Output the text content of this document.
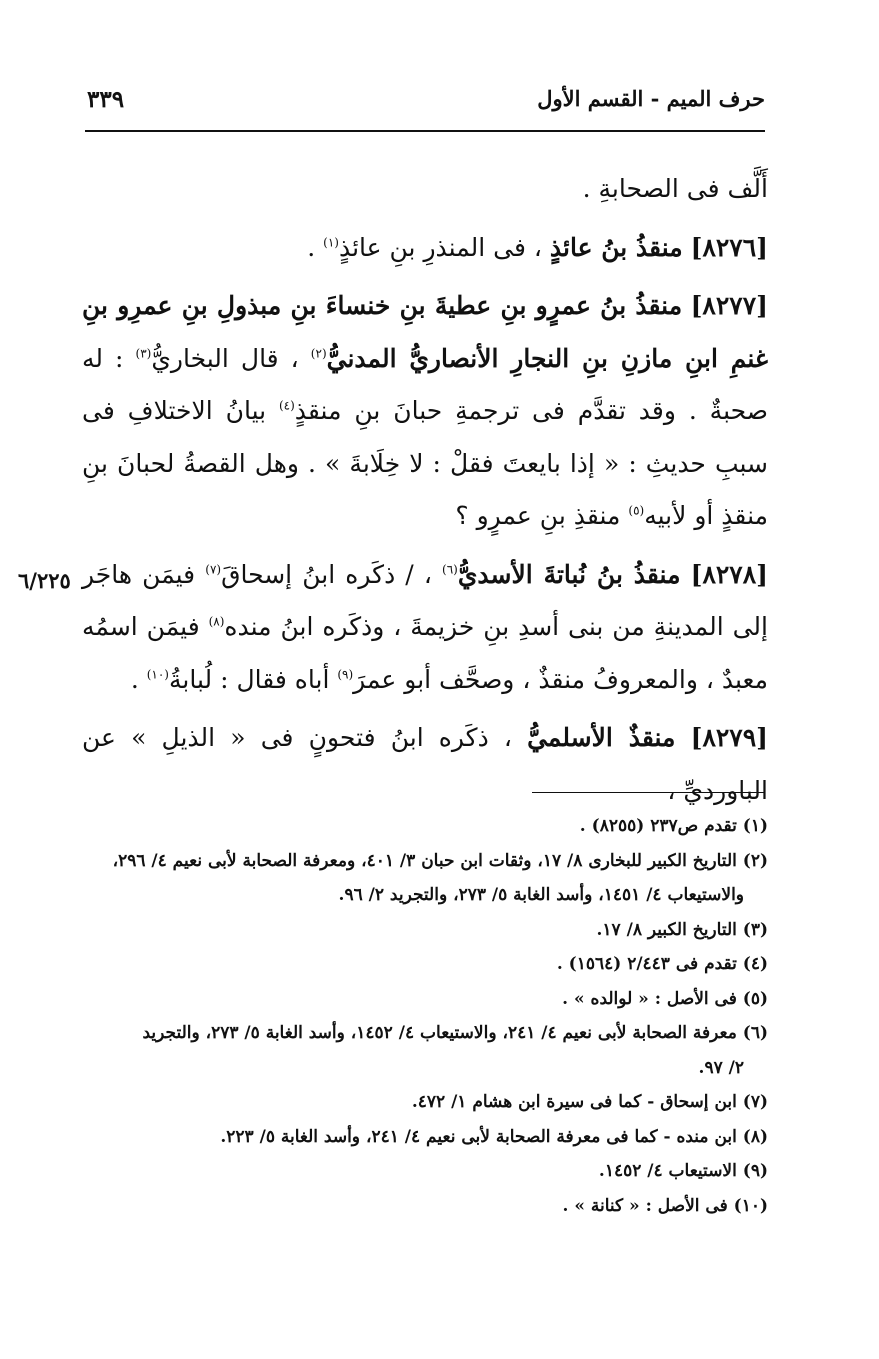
حرف الميم - القسم الأول
٣٣٩
٦/٢٢٥

أَلَّف فى الصحابةِ .

[٨٢٧٦] منقذُ بنُ عائذٍ ، فى المنذرِ بنِ عائذٍ$^{(١)}$ .

[٨٢٧٧] منقذُ بنُ عمرٍو بنِ عطيةَ بنِ خنساءَ بنِ مبذولِ بنِ عمرِو بنِ غنمِ ابنِ مازنِ بنِ النجارِ الأنصاريُّ المدنيُّ$^{(٢)}$ ، قال البخاريُّ$^{(٣)}$ : له صحبةٌ . وقد تقدَّم فى ترجمةِ حبانَ بنِ منقذٍ$^{(٤)}$ بيانُ الاختلافِ فى سببِ حديثِ : « إذا بايعتَ فقلْ : لا خِلَابةَ » . وهل القصةُ لحبانَ بنِ منقذٍ أو لأبيه$^{(٥)}$ منقذِ بنِ عمرٍو ؟

[٨٢٧٨] منقذُ بنُ نُباتةَ الأسديُّ$^{(٦)}$ ، / ذكَره ابنُ إسحاقَ$^{(٧)}$ فيمَن هاجَر إلى المدينةِ من بنى أسدِ بنِ خزيمةَ ، وذكَره ابنُ منده$^{(٨)}$ فيمَن اسمُه معبدٌ ، والمعروفُ منقذٌ ، وصحَّف أبو عمرَ$^{(٩)}$ أباه فقال : لُبابةُ$^{(١٠)}$ .

[٨٢٧٩] منقذٌ الأسلميُّ ، ذكَره ابنُ فتحونٍ فى « الذيلِ » عن الباورديِّ ،

(١) تقدم ص٢٣٧ (٨٢٥٥) .

(٢) التاريخ الكبير للبخارى ٨/ ١٧، وثقات ابن حبان ٣/ ٤٠١، ومعرفة الصحابة لأبى نعيم ٤/ ٢٩٦،

والاستيعاب ٤/ ١٤٥١، وأسد الغابة ٥/ ٢٧٣، والتجريد ٢/ ٩٦.

(٣) التاريخ الكبير ٨/ ١٧.

(٤) تقدم فى ٢/٤٤٣ (١٥٦٤) .

(٥) فى الأصل : « لوالده » .

(٦) معرفة الصحابة لأبى نعيم ٤/ ٢٤١، والاستيعاب ٤/ ١٤٥٢، وأسد الغابة ٥/ ٢٧٣، والتجريد

٢/ ٩٧.

(٧) ابن إسحاق - كما فى سيرة ابن هشام ١/ ٤٧٢.

(٨) ابن منده - كما فى معرفة الصحابة لأبى نعيم ٤/ ٢٤١، وأسد الغابة ٥/ ٢٢٣.

(٩) الاستيعاب ٤/ ١٤٥٢.

(١٠) فى الأصل : « كنانة » .
